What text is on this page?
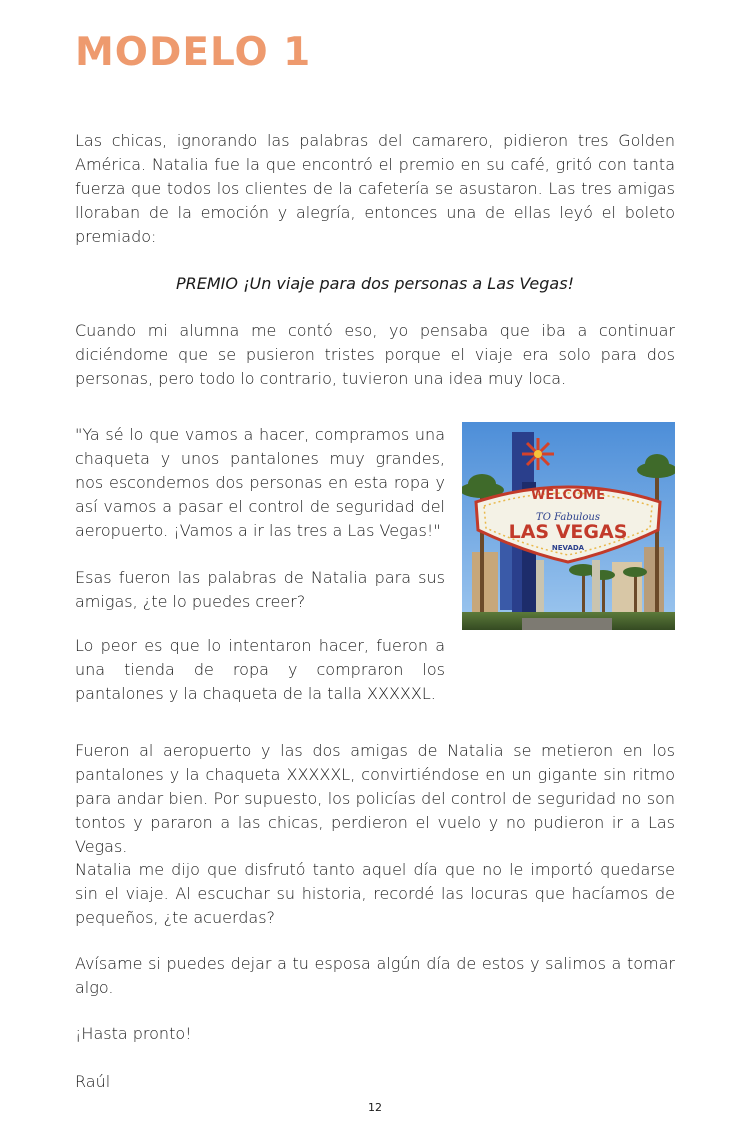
MODELO 1

Las chicas, ignorando las palabras del camarero, pidieron tres Golden América. Natalia fue la que encontró el premio en su café, gritó con tanta fuerza que todos los clientes de la cafetería se asustaron. Las tres amigas lloraban de la emoción y alegría, entonces una de ellas leyó el boleto premiado:

PREMIO ¡Un viaje para dos personas a Las Vegas!

Cuando mi alumna me contó eso, yo pensaba que iba a continuar diciéndome que se pusieron tristes porque el viaje era solo para dos personas, pero todo lo contrario, tuvieron una idea muy loca.

"Ya sé lo que vamos a hacer, compramos una chaqueta y unos pantalones muy grandes, nos escondemos dos personas en esta ropa y así vamos a pasar el control de seguridad del aeropuerto. ¡Vamos a ir las tres a Las Vegas!"

Esas fueron las palabras de Natalia para sus amigas, ¿te lo puedes creer?

Lo peor es que lo intentaron hacer, fueron a una tienda de ropa y compraron los pantalones y la chaqueta de la talla XXXXXL.

WELCOME
TO Fabulous
LAS VEGAS
NEVADA

Fueron al aeropuerto y las dos amigas de Natalia se metieron en los pantalones y la chaqueta XXXXXL, convirtiéndose en un gigante sin ritmo para andar bien. Por supuesto, los policías del control de seguridad no son tontos y pararon a las chicas, perdieron el vuelo y no pudieron ir a Las Vegas.

Natalia me dijo que disfrutó tanto aquel día que no le importó quedarse sin el viaje. Al escuchar su historia, recordé las locuras que hacíamos de pequeños, ¿te acuerdas?

Avísame si puedes dejar a tu esposa algún día de estos y salimos a tomar algo.

¡Hasta pronto!

Raúl

12
